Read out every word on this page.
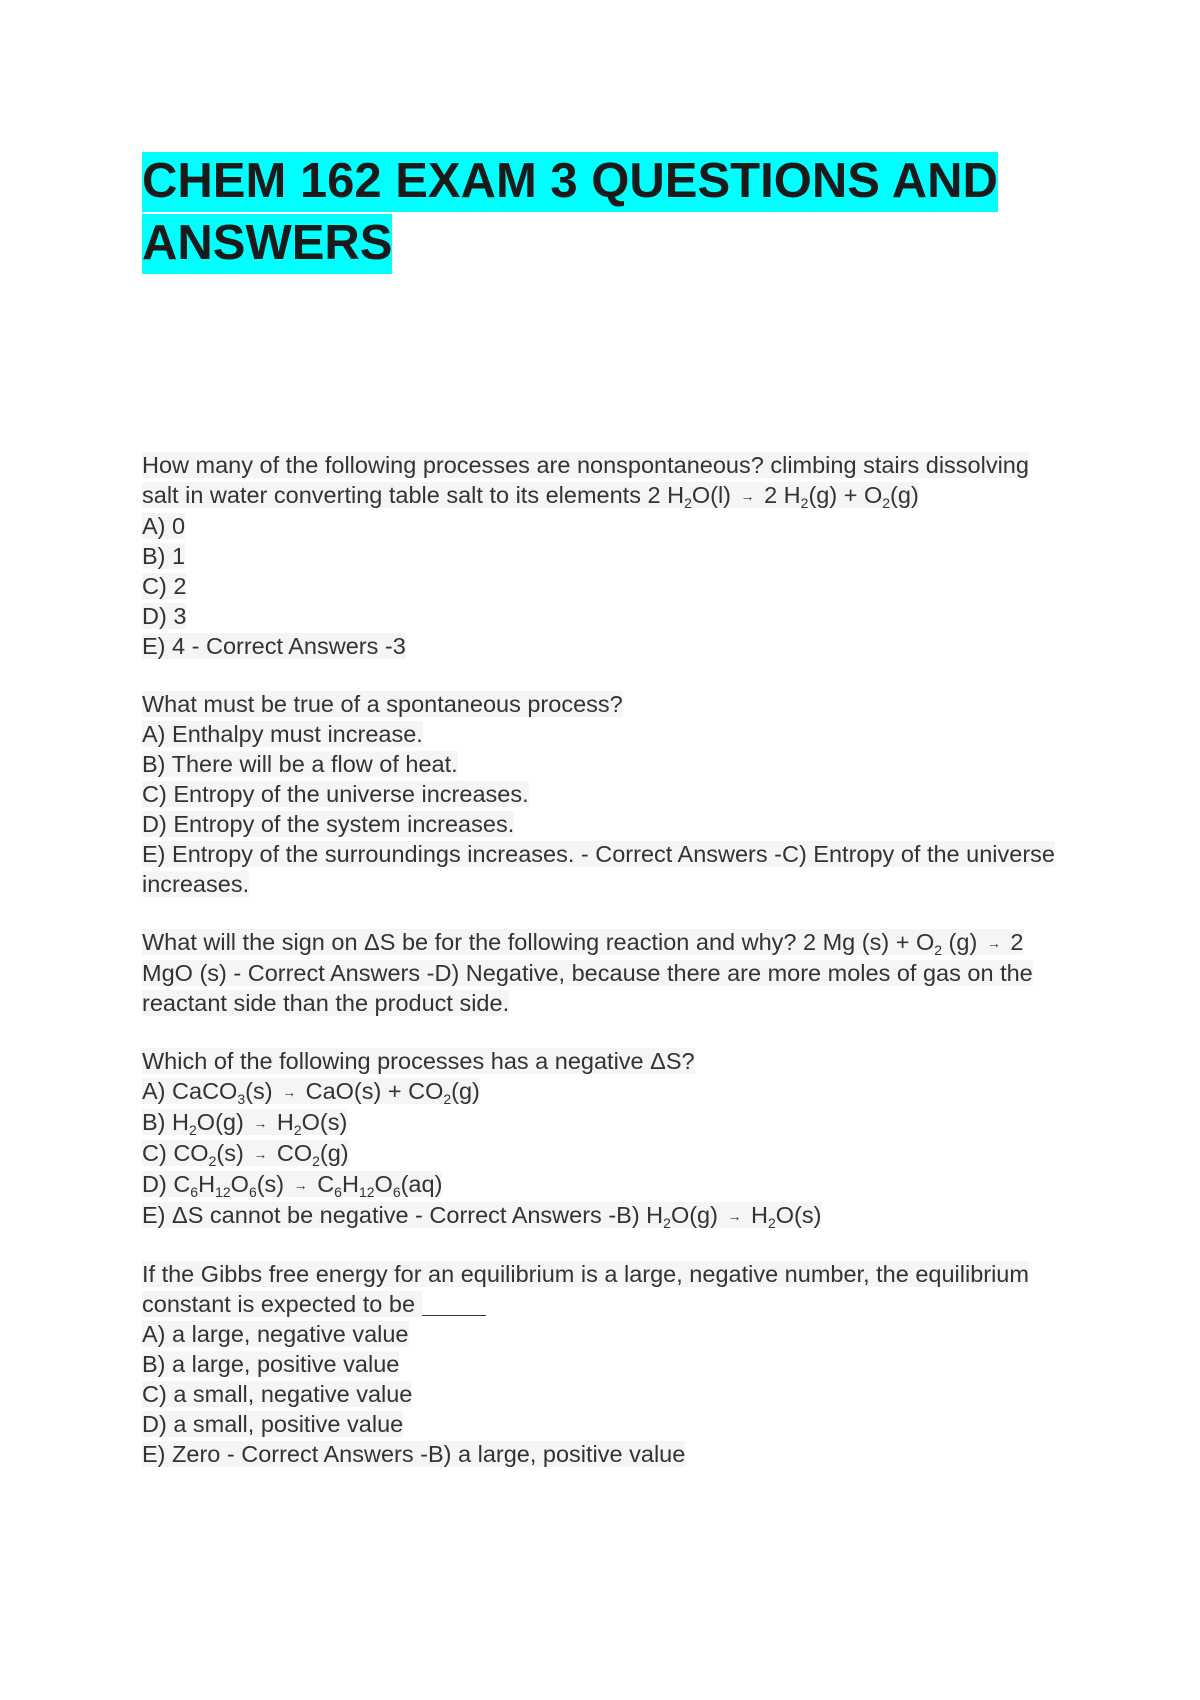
CHEM 162 EXAM 3 QUESTIONS AND ANSWERS
How many of the following processes are nonspontaneous? climbing stairs dissolving salt in water converting table salt to its elements 2 $H_2O(l) \to 2$ $H_2(g) + O_2(g)$
A) 0
B) 1
C) 2
D) 3
E) 4 - Correct Answers -3
What must be true of a spontaneous process?
A) Enthalpy must increase.
B) There will be a flow of heat.
C) Entropy of the universe increases.
D) Entropy of the system increases.
E) Entropy of the surroundings increases. - Correct Answers -C) Entropy of the universe increases.
What will the sign on ΔS be for the following reaction and why? 2 Mg $(s) + O_2$ (g) → 2 MgO (s) - Correct Answers -D) Negative, because there are more moles of gas on the reactant side than the product side.
Which of the following processes has a negative ΔS?
A) CaCO$_3$(s) → $CaO(s) + CO_2(g)$
B) $H_2O(g) \to H_2O(s)$
C) $CO_2(s) \to CO_2(g)$
D) $C_6H_{12}O_6(s) \to C_6H_{12}O_6(aq)$
E) ΔS cannot be negative - Correct Answers -B) $H_2O(g) \to H_2O(s)$
If the Gibbs free energy for an equilibrium is a large, negative number, the equilibrium constant is expected to be
A) a large, negative value
B) a large, positive value
C) a small, negative value
D) a small, positive value
E) Zero - Correct Answers -B) a large, positive value
